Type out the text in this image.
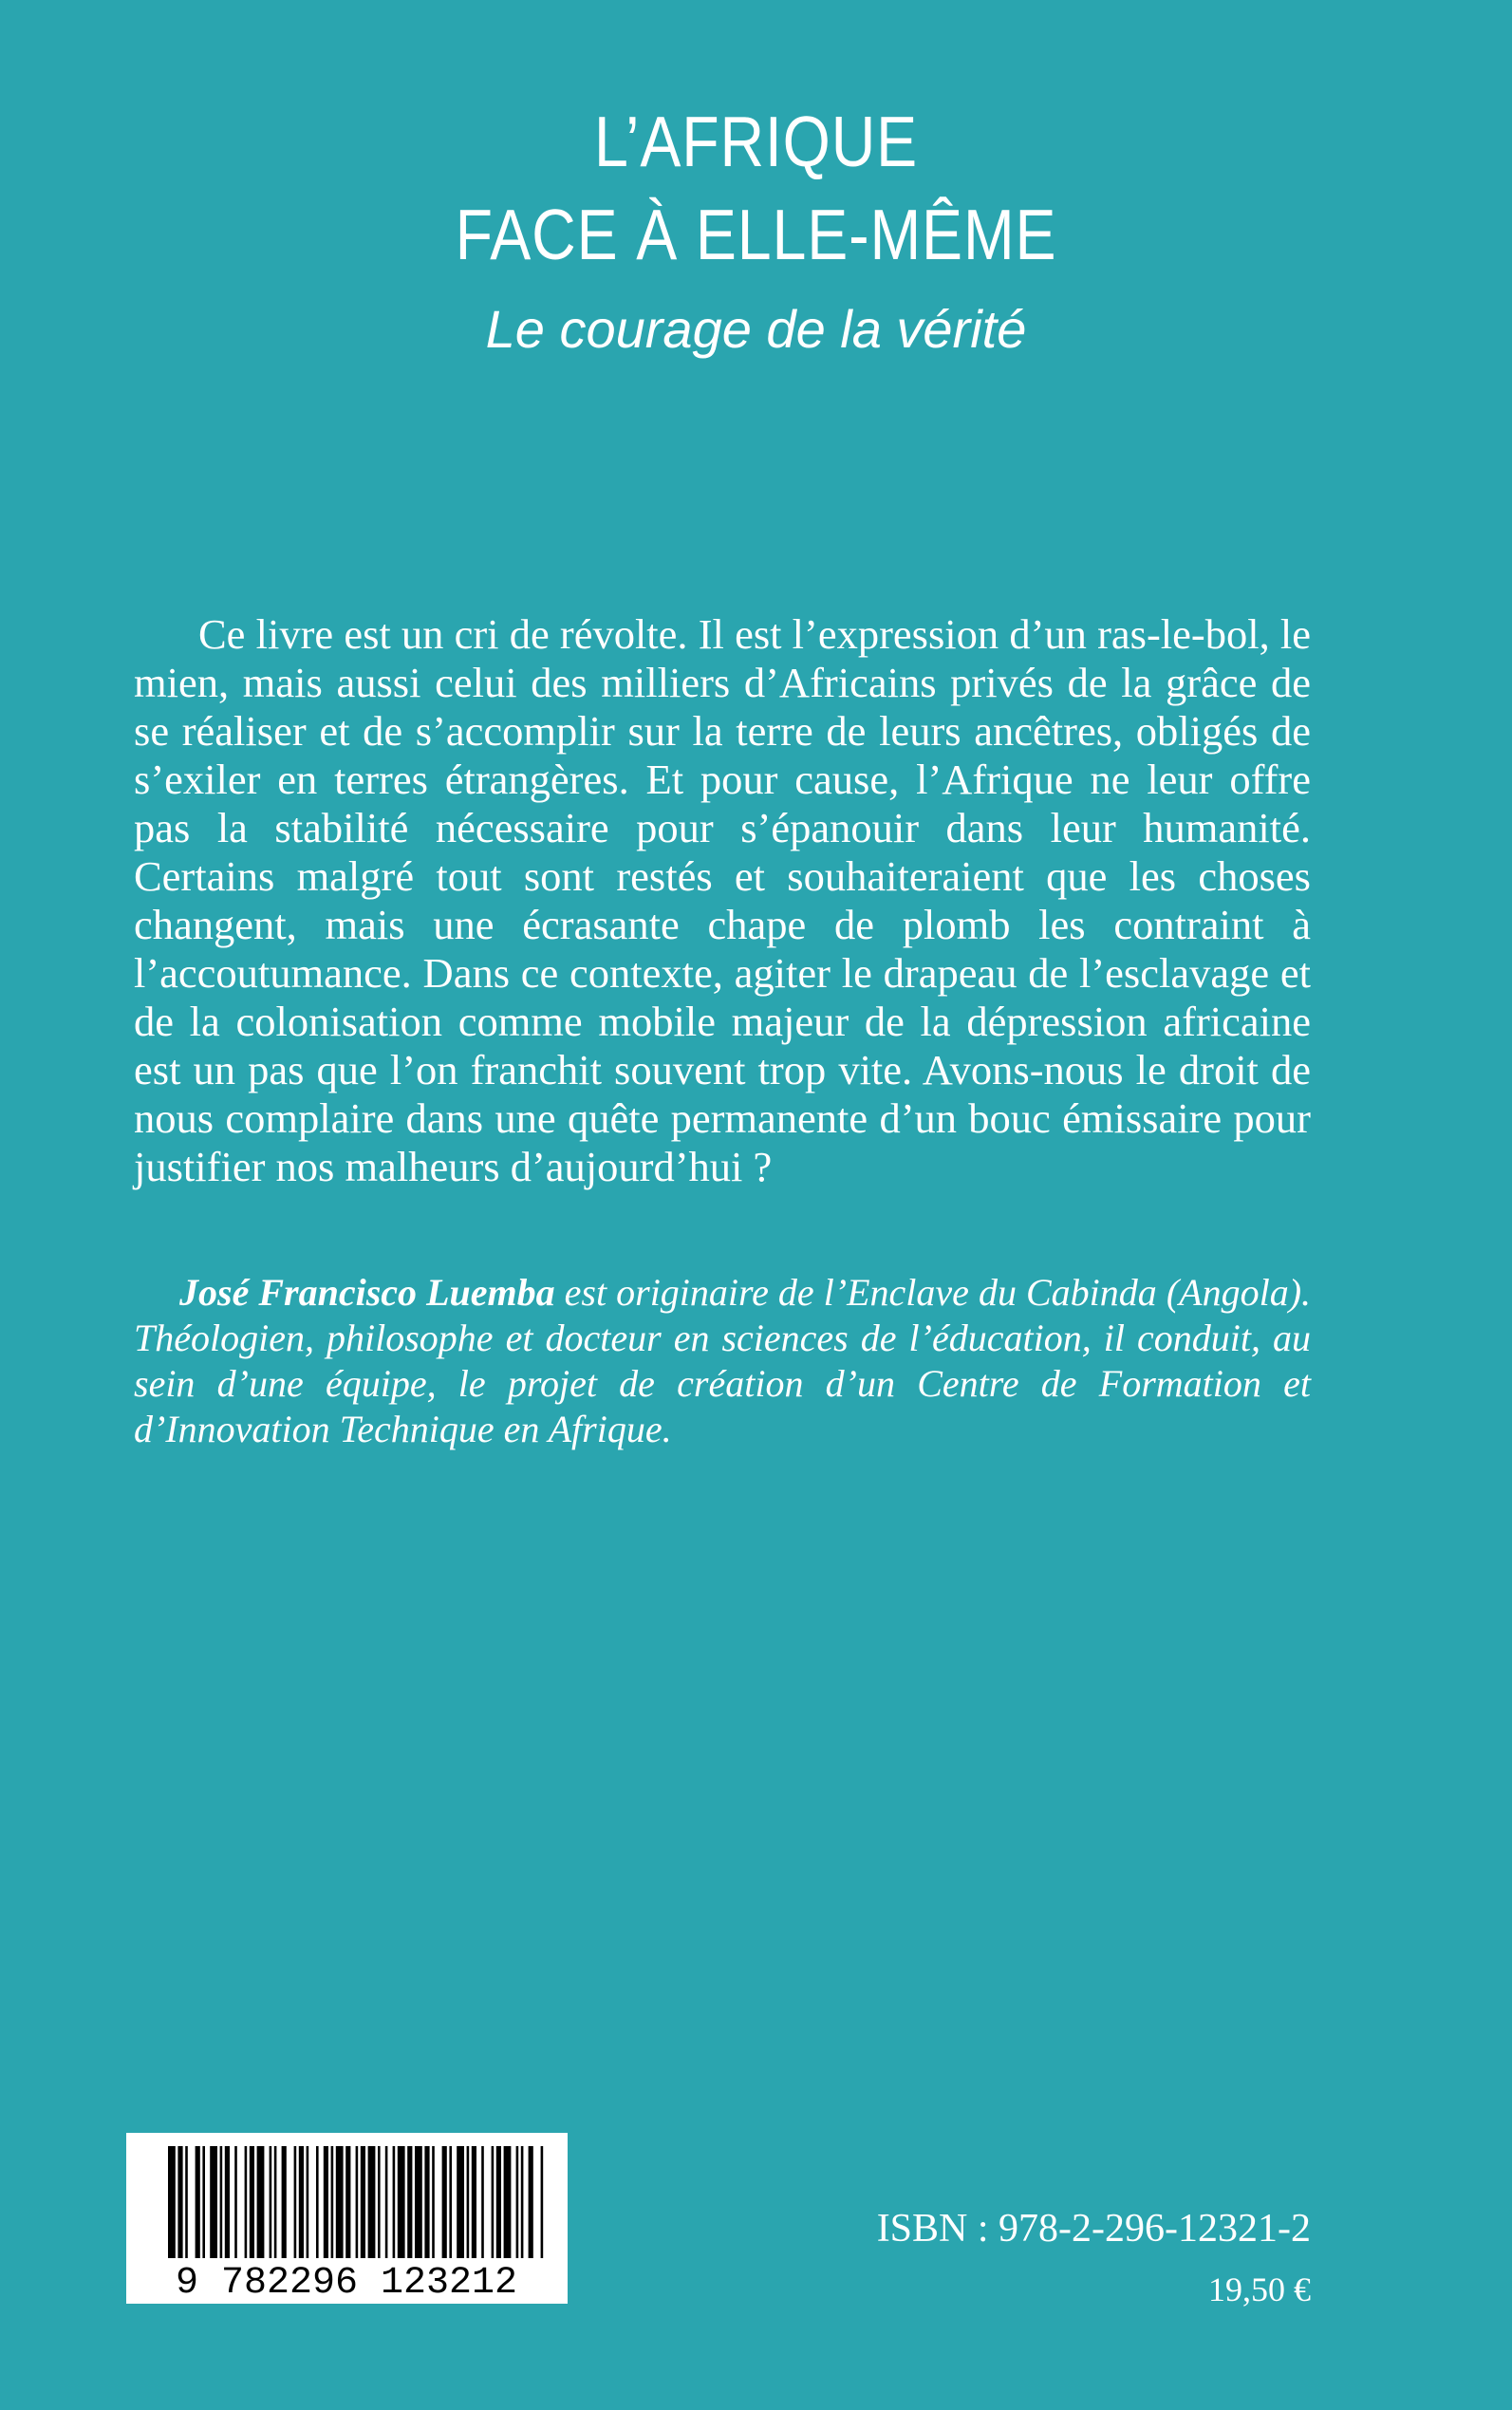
L’AFRIQUE
FACE À ELLE-MÊME
Le courage de la vérité

Ce livre est un cri de révolte. Il est l’expression d’un ras-le-bol, le mien, mais aussi celui des milliers d’Africains privés de la grâce de se réaliser et de s’accomplir sur la terre de leurs ancêtres, obligés de s’exiler en terres étrangères. Et pour cause, l’Afrique ne leur offre pas la stabilité nécessaire pour s’épanouir dans leur humanité. Certains malgré tout sont restés et souhaiteraient que les choses changent, mais une écrasante chape de plomb les contraint à l’accoutumance. Dans ce contexte, agiter le drapeau de l’esclavage et de la colonisation comme mobile majeur de la dépression africaine est un pas que l’on franchit souvent trop vite. Avons-nous le droit de nous complaire dans une quête permanente d’un bouc émissaire pour justifier nos malheurs d’aujourd’hui ?

José Francisco Luemba est originaire de l’Enclave du Cabinda (Angola). Théologien, philosophe et docteur en sciences de l’éducation, il conduit, au sein d’une équipe, le projet de création d’un Centre de Formation et d’Innovation Technique en Afrique.

9 782296 123212
ISBN : 978-2-296-12321-2
19,50 €
